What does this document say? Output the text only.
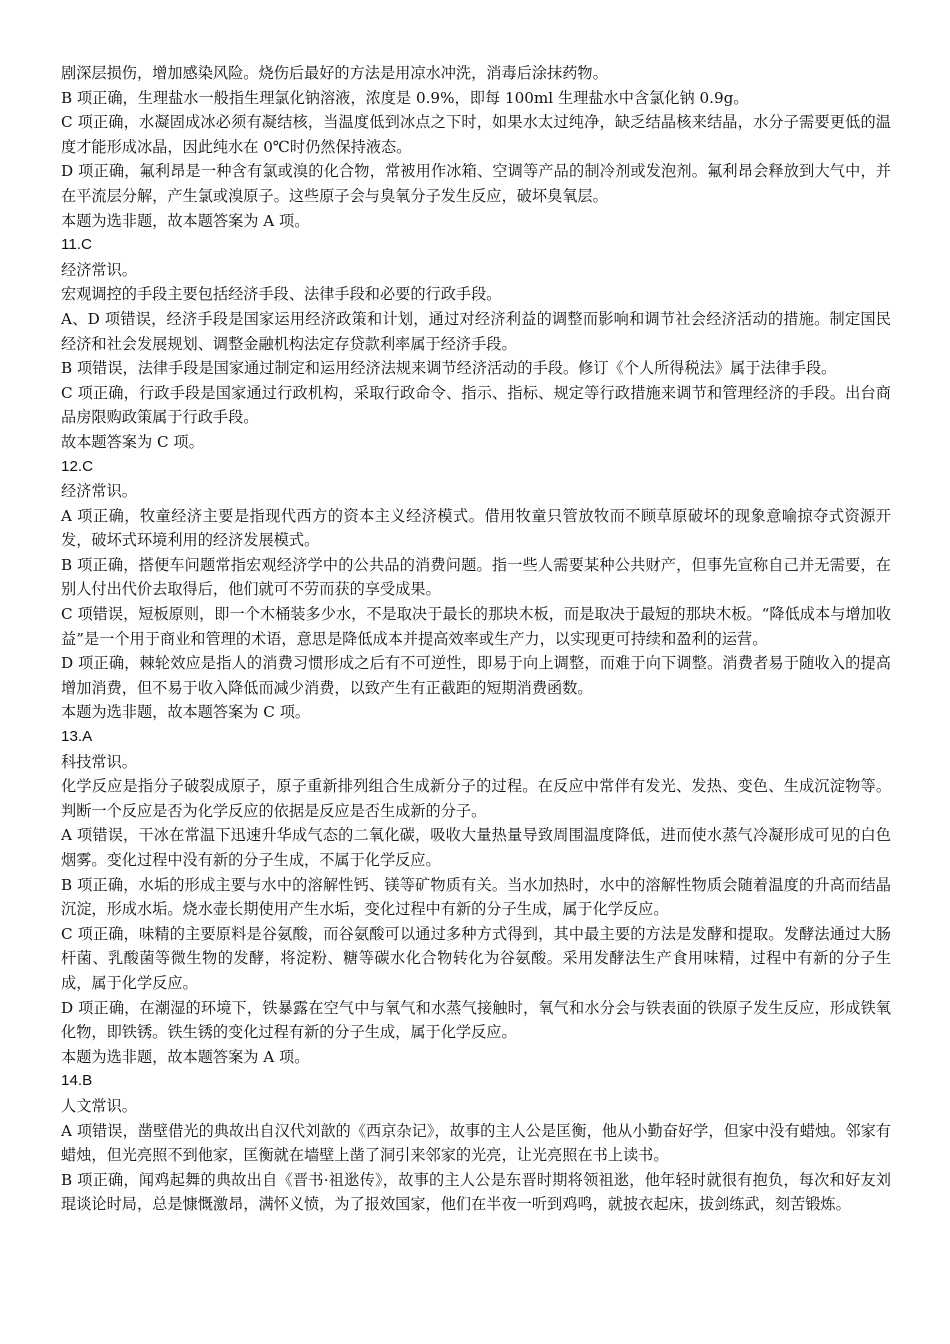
剧深层损伤，增加感染风险。烧伤后最好的方法是用凉水冲洗，消毒后涂抹药物。

B 项正确，生理盐水一般指生理氯化钠溶液，浓度是 0.9%，即每 100ml 生理盐水中含氯化钠 0.9g。

C 项正确，水凝固成冰必须有凝结核，当温度低到冰点之下时，如果水太过纯净，缺乏结晶核来结晶，水分子需要更低的温度才能形成冰晶，因此纯水在 0℃时仍然保持液态。

D 项正确，氟利昂是一种含有氯或溴的化合物，常被用作冰箱、空调等产品的制冷剂或发泡剂。氟利昂会释放到大气中，并在平流层分解，产生氯或溴原子。这些原子会与臭氧分子发生反应，破坏臭氧层。

本题为选非题，故本题答案为 A 项。

11.C

经济常识。

宏观调控的手段主要包括经济手段、法律手段和必要的行政手段。

A、D 项错误，经济手段是国家运用经济政策和计划，通过对经济利益的调整而影响和调节社会经济活动的措施。制定国民经济和社会发展规划、调整金融机构法定存贷款利率属于经济手段。

B 项错误，法律手段是国家通过制定和运用经济法规来调节经济活动的手段。修订《个人所得税法》属于法律手段。

C 项正确，行政手段是国家通过行政机构，采取行政命令、指示、指标、规定等行政措施来调节和管理经济的手段。出台商品房限购政策属于行政手段。

故本题答案为 C 项。

12.C

经济常识。

A 项正确，牧童经济主要是指现代西方的资本主义经济模式。借用牧童只管放牧而不顾草原破坏的现象意喻掠夺式资源开发，破坏式环境利用的经济发展模式。

B 项正确，搭便车问题常指宏观经济学中的公共品的消费问题。指一些人需要某种公共财产，但事先宣称自己并无需要，在别人付出代价去取得后，他们就可不劳而获的享受成果。

C 项错误，短板原则，即一个木桶装多少水，不是取决于最长的那块木板，而是取决于最短的那块木板。“降低成本与增加收益”是一个用于商业和管理的术语，意思是降低成本并提高效率或生产力，以实现更可持续和盈利的运营。

D 项正确，棘轮效应是指人的消费习惯形成之后有不可逆性，即易于向上调整，而难于向下调整。消费者易于随收入的提高增加消费，但不易于收入降低而减少消费，以致产生有正截距的短期消费函数。

本题为选非题，故本题答案为 C 项。

13.A

科技常识。

化学反应是指分子破裂成原子，原子重新排列组合生成新分子的过程。在反应中常伴有发光、发热、变色、生成沉淀物等。判断一个反应是否为化学反应的依据是反应是否生成新的分子。

A 项错误，干冰在常温下迅速升华成气态的二氧化碳，吸收大量热量导致周围温度降低，进而使水蒸气冷凝形成可见的白色烟雾。变化过程中没有新的分子生成，不属于化学反应。

B 项正确，水垢的形成主要与水中的溶解性钙、镁等矿物质有关。当水加热时，水中的溶解性物质会随着温度的升高而结晶沉淀，形成水垢。烧水壶长期使用产生水垢，变化过程中有新的分子生成，属于化学反应。

C 项正确，味精的主要原料是谷氨酸，而谷氨酸可以通过多种方式得到，其中最主要的方法是发酵和提取。发酵法通过大肠杆菌、乳酸菌等微生物的发酵，将淀粉、糖等碳水化合物转化为谷氨酸。采用发酵法生产食用味精，过程中有新的分子生成，属于化学反应。

D 项正确，在潮湿的环境下，铁暴露在空气中与氧气和水蒸气接触时，氧气和水分会与铁表面的铁原子发生反应，形成铁氧化物，即铁锈。铁生锈的变化过程有新的分子生成，属于化学反应。

本题为选非题，故本题答案为 A 项。

14.B

人文常识。

A 项错误，凿壁借光的典故出自汉代刘歆的《西京杂记》，故事的主人公是匡衡，他从小勤奋好学，但家中没有蜡烛。邻家有蜡烛，但光亮照不到他家，匡衡就在墙壁上凿了洞引来邻家的光亮，让光亮照在书上读书。

B 项正确，闻鸡起舞的典故出自《晋书·祖逖传》，故事的主人公是东晋时期将领祖逖，他年轻时就很有抱负，每次和好友刘琨谈论时局，总是慷慨激昂，满怀义愤，为了报效国家，他们在半夜一听到鸡鸣，就披衣起床，拔剑练武，刻苦锻炼。
